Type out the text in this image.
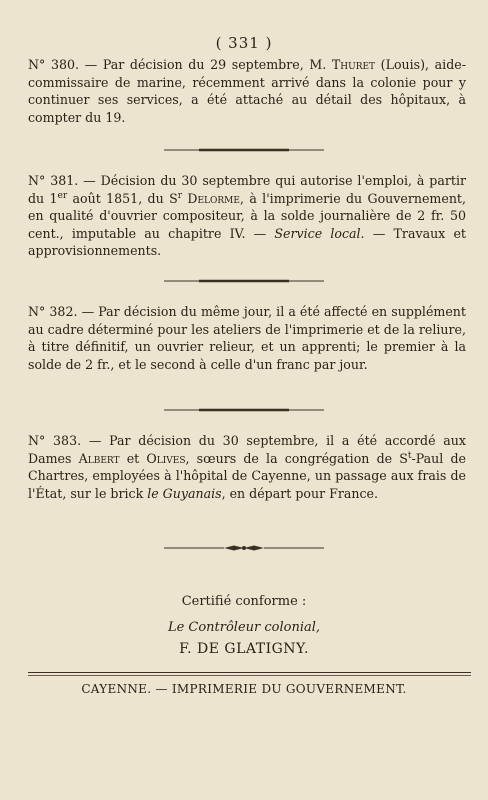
( 331 )
N° 380. — Par décision du 29 septembre, M. Thuret (Louis), aide-commissaire de marine, récemment arrivé dans la colonie pour y continuer ses services, a été attaché au détail des hôpitaux, à compter du 19.
N° 381. — Décision du 30 septembre qui autorise l'emploi, à partir du 1er août 1851, du $S^r$ Delorme, à l'imprimerie du Gouvernement, en qualité d'ouvrier compositeur, à la solde journalière de 2 fr. 50 cent., imputable au chapitre IV. — Service local. — Travaux et approvisionnements.
N° 382. — Par décision du même jour, il a été affecté en supplément au cadre déterminé pour les ateliers de l'imprimerie et de la reliure, à titre définitif, un ouvrier relieur, et un apprenti; le premier à la solde de 2 fr., et le second à celle d'un franc par jour.
N° 383. — Par décision du 30 septembre, il a été accordé aux Dames Albert et Olives, sœurs de la congrégation de $S^t$-Paul de Chartres, employées à l'hôpital de Cayenne, un passage aux frais de l'État, sur le brick le Guyanais, en départ pour France.
Certifié conforme :
Le Contrôleur colonial,
F. DE GLATIGNY.
CAYENNE. — IMPRIMERIE DU GOUVERNEMENT.
